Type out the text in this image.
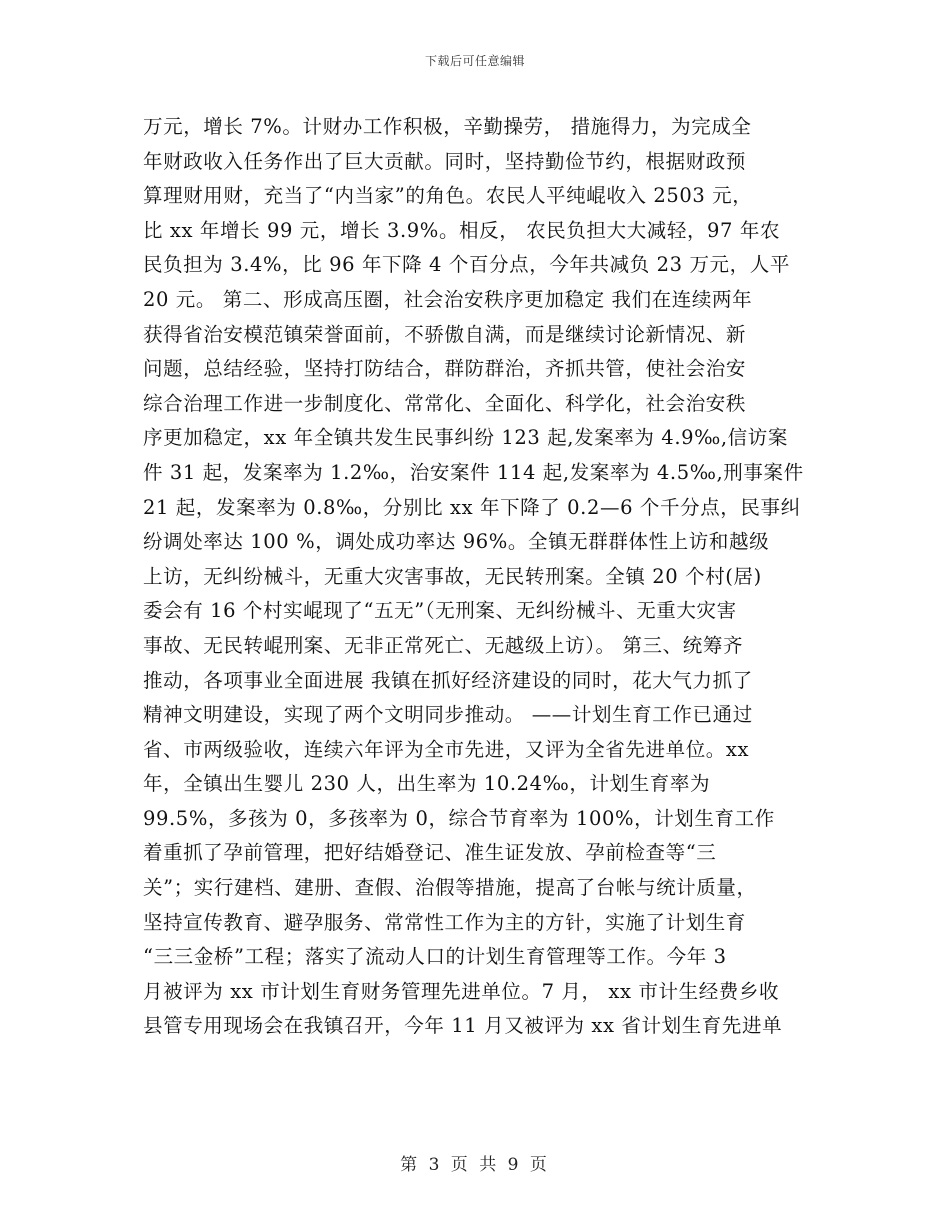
下载后可任意编辑
万元，增长 7%。计财办工作积极，辛勤操劳， 措施得力，为完成全
年财政收入任务作出了巨大贡献。同时，坚持勤俭节约，根据财政预
算理财用财，充当了“内当家”的角色。农民人平纯崐收入 2503 元，
比 xx 年增长 99 元，增长 3.9%。相反， 农民负担大大减轻，97 年农
民负担为 3.4%，比 96 年下降 4 个百分点，今年共减负 23 万元，人平
20 元。 第二、形成高压圈，社会治安秩序更加稳定 我们在连续两年
获得省治安模范镇荣誉面前，不骄傲自满，而是继续讨论新情况、新
问题，总结经验，坚持打防结合，群防群治，齐抓共管，使社会治安
综合治理工作进一步制度化、常常化、全面化、科学化，社会治安秩
序更加稳定，xx 年全镇共发生民事纠纷 123 起,发案率为 4.9‰,信访案
件 31 起，发案率为 1.2‰，治安案件 114 起,发案率为 4.5‰,刑事案件
21 起，发案率为 0.8‰，分别比 xx 年下降了 0.2—6 个千分点，民事纠
纷调处率达 100 %，调处成功率达 96%。全镇无群群体性上访和越级
上访，无纠纷械斗，无重大灾害事故，无民转刑案。全镇 20 个村(居)
委会有 16 个村实崐现了“五无”（无刑案、无纠纷械斗、无重大灾害
事故、无民转崐刑案、无非正常死亡、无越级上访）。 第三、统筹齐
推动，各项事业全面进展 我镇在抓好经济建设的同时，花大气力抓了
精神文明建设，实现了两个文明同步推动。 ——计划生育工作已通过
省、市两级验收，连续六年评为全市先进，又评为全省先进单位。xx
年，全镇出生婴儿 230 人，出生率为 10.24‰，计划生育率为
99.5%，多孩为 0，多孩率为 0，综合节育率为 100%，计划生育工作
着重抓了孕前管理，把好结婚登记、准生证发放、孕前检查等“三
关”；实行建档、建册、查假、治假等措施，提高了台帐与统计质量，
坚持宣传教育、避孕服务、常常性工作为主的方针，实施了计划生育
“三三金桥”工程；落实了流动人口的计划生育管理等工作。今年 3
月被评为 xx 市计划生育财务管理先进单位。7 月， xx 市计生经费乡收
县管专用现场会在我镇召开，今年 11 月又被评为 xx 省计划生育先进单
第 3 页 共 9 页
